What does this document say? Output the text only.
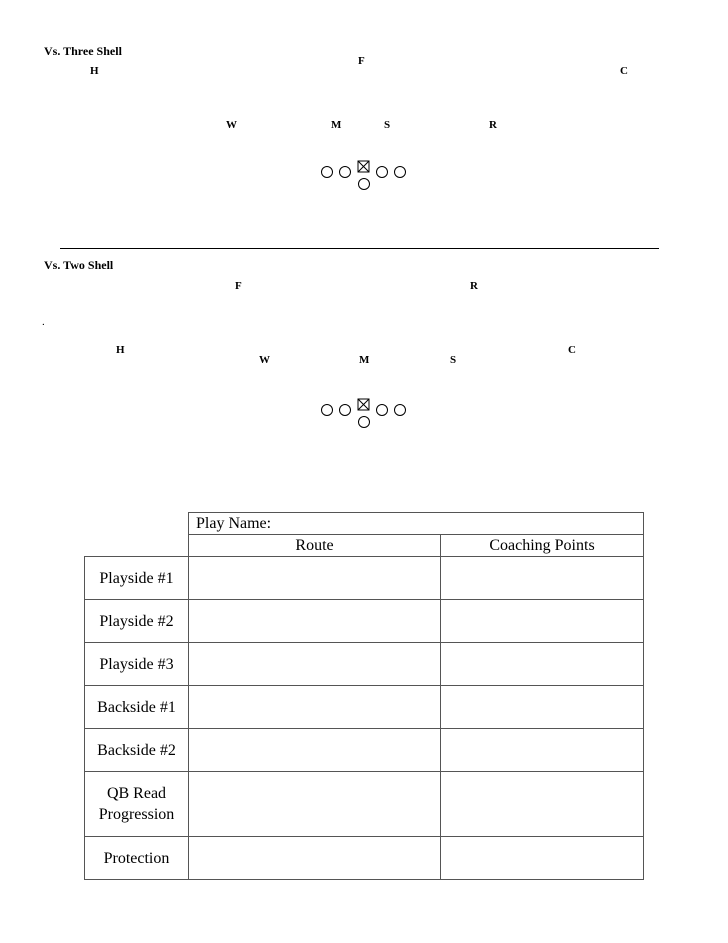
Vs. Three Shell
F
H	C
W	M	S	R
Vs. Two Shell
F	R
.
H	C
W	M	S
	Play Name:	
	Route	Coaching Points
Playside #1		
Playside #2		
Playside #3		
Backside #1		
Backside #2		

QB Read
Progression		

Protection		
